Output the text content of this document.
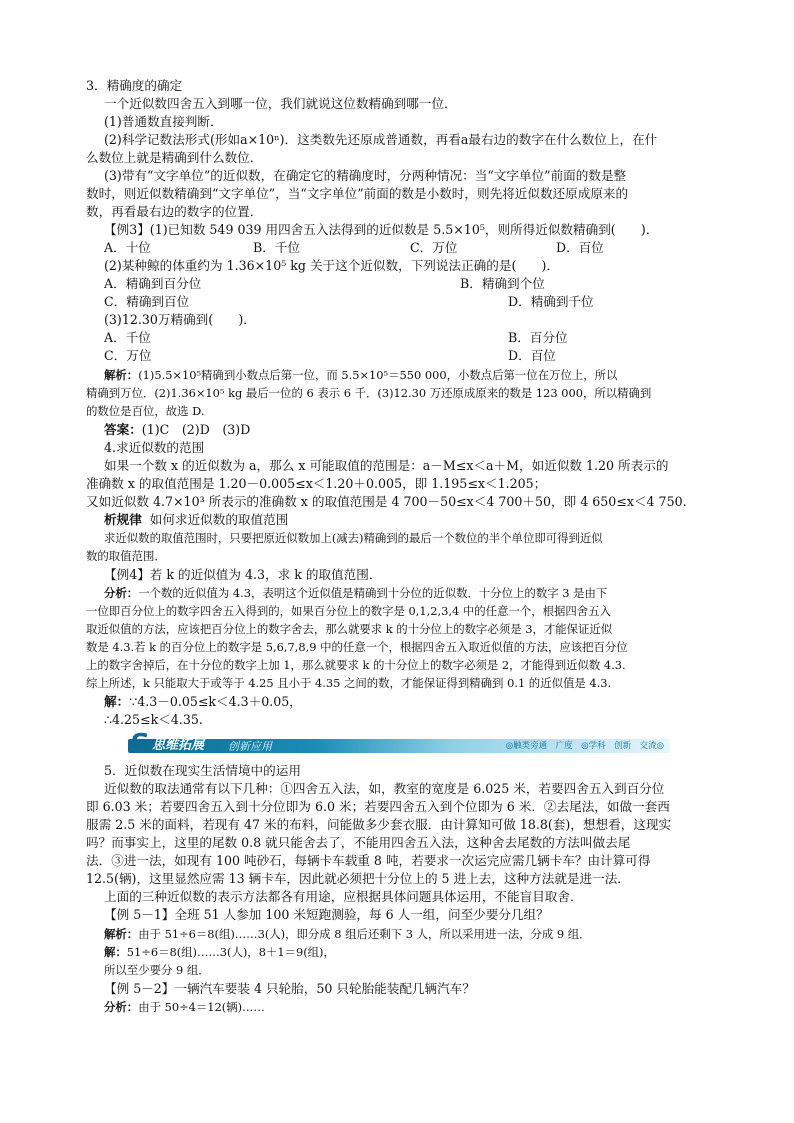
3．精确度的确定
一个近似数四舍五入到哪一位，我们就说这位数精确到哪一位．
(1)普通数直接判断．
(2)科学记数法形式(形如a×10ⁿ)．这类数先还原成普通数，再看a最右边的数字在什么数位上，在什
么数位上就是精确到什么数位．
(3)带有“文字单位”的近似数，在确定它的精确度时，分两种情况：当“文字单位”前面的数是整
数时，则近似数精确到“文字单位”，当“文字单位”前面的数是小数时，则先将近似数还原成原来的
数，再看最右边的数字的位置．
【例3】(1)已知数 549 039 用四舍五入法得到的近似数是 5.5×10⁵，则所得近似数精确到(　　)．
A．十位	B．千位	C．万位	D．百位
(2)某种鲸的体重约为 1.36×10⁵ kg 关于这个近似数，下列说法正确的是(　　)．
A．精确到百分位	B．精确到个位
C．精确到百位	D．精确到千位
(3)12.30万精确到(　　)．
A．千位	B．百分位
C．万位	D．百位
解析：(1)5.5×10⁵精确到小数点后第一位，而 5.5×10⁵＝550 000，小数点后第一位在万位上，所以
精确到万位．(2)1.36×10⁵ kg 最后一位的 6 表示 6 千．(3)12.30 万还原成原来的数是 123 000，所以精确到
的数位是百位，故选 D.
答案：(1)C　(2)D　(3)D
4.求近似数的范围
如果一个数 x 的近似数为 a，那么 x 可能取值的范围是：a－M≤x＜a＋M，如近似数 1.20 所表示的
准确数 x 的取值范围是 1.20－0.005≤x＜1.20＋0.005，即 1.195≤x＜1.205；
又如近似数 4.7×10³ 所表示的准确数 x 的取值范围是 4 700－50≤x＜4 700＋50，即 4 650≤x＜4 750.
析规律 如何求近似数的取值范围
求近似数的取值范围时，只要把原近似数加上(减去)精确到的最后一个数位的半个单位即可得到近似
数的取值范围．
【例4】若 k 的近似值为 4.3，求 k 的取值范围．
分析：一个数的近似值为 4.3，表明这个近似值是精确到十分位的近似数．十分位上的数字 3 是由下
一位即百分位上的数字四舍五入得到的，如果百分位上的数字是 0,1,2,3,4 中的任意一个，根据四舍五入
取近似值的方法，应该把百分位上的数字舍去，那么就要求 k 的十分位上的数字必须是 3，才能保证近似
数是 4.3.若 k 的百分位上的数字是 5,6,7,8,9 中的任意一个，根据四舍五入取近似值的方法，应该把百分位
上的数字舍掉后，在十分位的数字上加 1，那么就要求 k 的十分位上的数字必须是 2，才能得到近似数 4.3.
综上所述，k 只能取大于或等于 4.25 且小于 4.35 之间的数，才能保证得到精确到 0.1 的近似值是 4.3.
解：∵4.3－0.05≤k＜4.3＋0.05，
∴4.25≤k＜4.35.
S 思维拓展 创新应用	◎触类旁通　广度　◎学科　创新　交流◎
5．近似数在现实生活情境中的运用
近似数的取法通常有以下几种：①四舍五入法，如，教室的宽度是 6.025 米，若要四舍五入到百分位
即 6.03 米；若要四舍五入到十分位即为 6.0 米；若要四舍五入到个位即为 6 米．②去尾法，如做一套西
服需 2.5 米的面料，若现有 47 米的布料，问能做多少套衣服．由计算知可做 18.8(套)，想想看，这现实
吗？而事实上，这里的尾数 0.8 就只能舍去了，不能用四舍五入法，这种舍去尾数的方法叫做去尾
法．③进一法，如现有 100 吨砂石，每辆卡车载重 8 吨，若要求一次运完应需几辆卡车？由计算可得
12.5(辆)，这里显然应需 13 辆卡车，因此就必须把十分位上的 5 进上去，这种方法就是进一法．
上面的三种近似数的表示方法都各有用途，应根据具体问题具体运用，不能盲目取舍．
【例 5－1】全班 51 人参加 100 米短跑测验，每 6 人一组，问至少要分几组？
解析：由于 51÷6＝8(组)……3(人)，即分成 8 组后还剩下 3 人，所以采用进一法，分成 9 组．
解：51÷6＝8(组)……3(人)，8＋1＝9(组)，
所以至少要分 9 组．
【例 5－2】一辆汽车要装 4 只轮胎，50 只轮胎能装配几辆汽车？
分析：由于 50÷4＝12(辆)……
